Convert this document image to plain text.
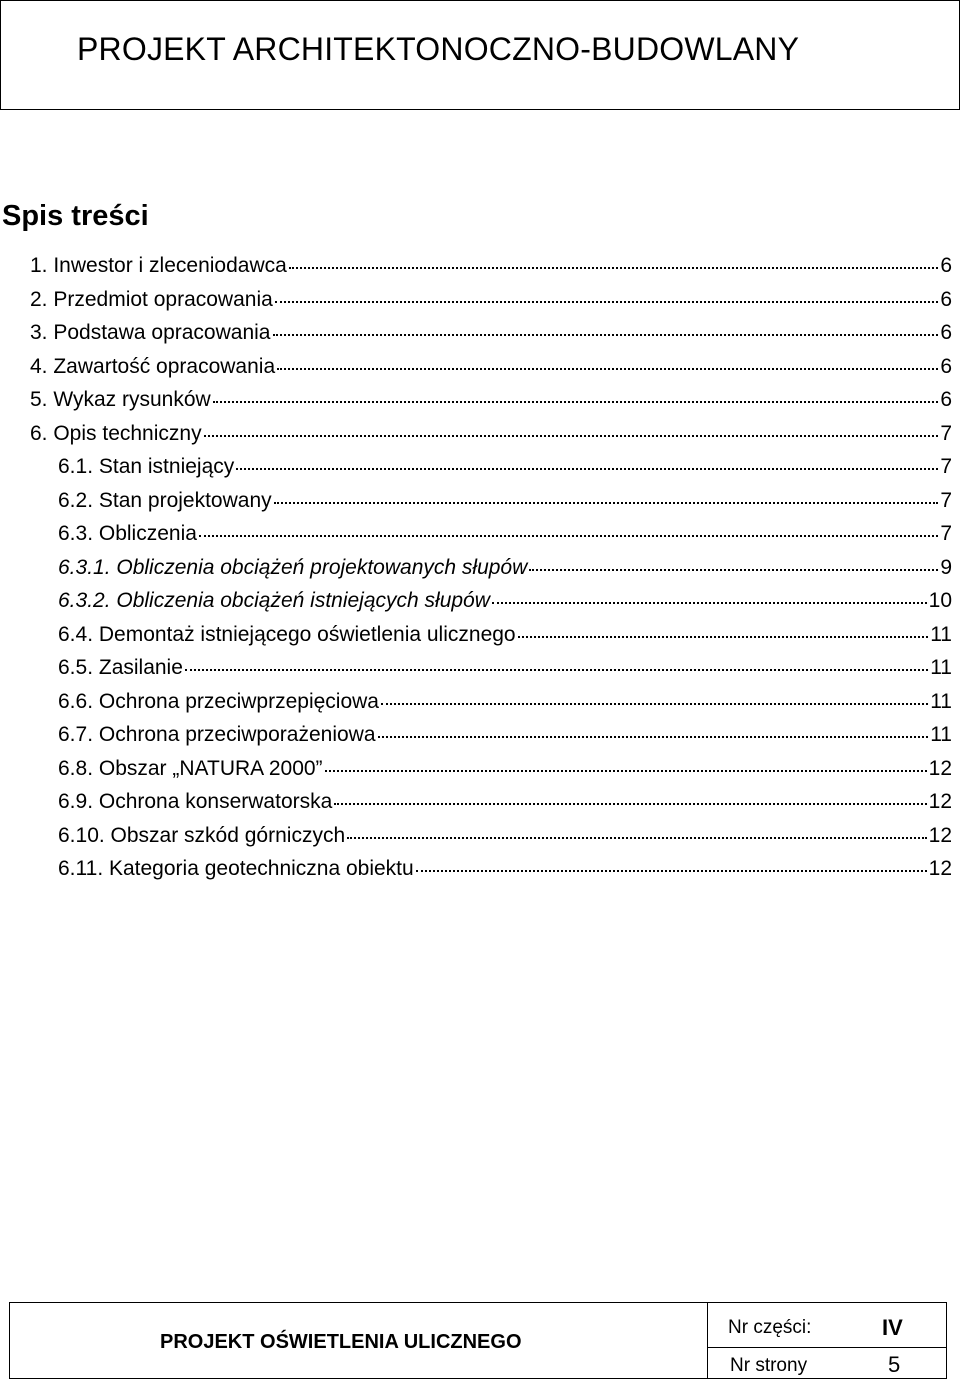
PROJEKT ARCHITEKTONOCZNO-BUDOWLANY
Spis treści
1. Inwestor i zleceniodawca	6
2. Przedmiot opracowania	6
3. Podstawa opracowania	6
4. Zawartość opracowania	6
5. Wykaz rysunków	6
6. Opis techniczny	7
6.1. Stan istniejący	7
6.2. Stan projektowany	7
6.3. Obliczenia	7
6.3.1. Obliczenia obciążeń projektowanych słupów	9
6.3.2. Obliczenia obciążeń istniejących słupów	10
6.4. Demontaż istniejącego oświetlenia ulicznego	11
6.5. Zasilanie	11
6.6. Ochrona przeciwprzepięciowa	11
6.7. Ochrona przeciwporażeniowa	11
6.8. Obszar „NATURA 2000”	12
6.9. Ochrona konserwatorska	12
6.10. Obszar szkód górniczych	12
6.11. Kategoria geotechniczna obiektu	12
PROJEKT OŚWIETLENIA ULICZNEGO
Nr części:	IV
Nr strony	5
